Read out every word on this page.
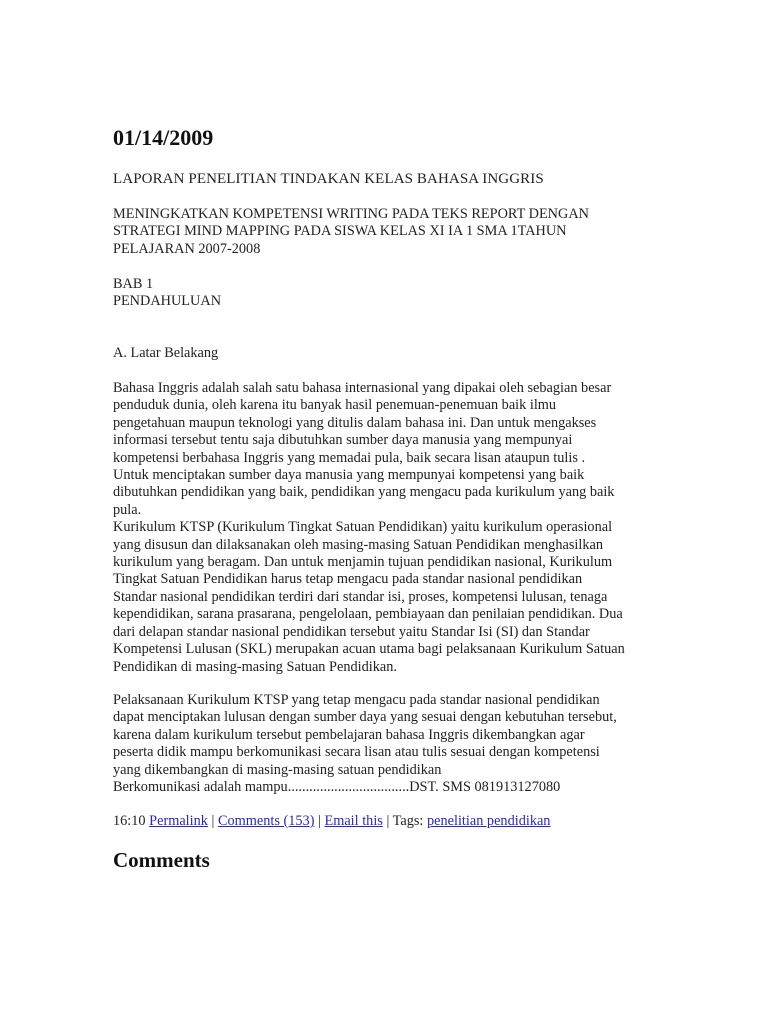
01/14/2009
LAPORAN PENELITIAN TINDAKAN KELAS BAHASA INGGRIS
MENINGKATKAN KOMPETENSI WRITING PADA TEKS REPORT DENGAN
STRATEGI MIND MAPPING PADA SISWA KELAS XI IA 1 SMA 1TAHUN
PELAJARAN 2007-2008
BAB 1
PENDAHULUAN
A. Latar Belakang
Bahasa Inggris adalah salah satu bahasa internasional yang dipakai oleh sebagian besar
penduduk dunia, oleh karena itu banyak hasil penemuan-penemuan baik ilmu
pengetahuan maupun teknologi yang ditulis dalam bahasa ini. Dan untuk mengakses
informasi tersebut tentu saja dibutuhkan sumber daya manusia yang mempunyai
kompetensi berbahasa Inggris yang memadai pula, baik secara lisan ataupun tulis .
Untuk menciptakan sumber daya manusia yang mempunyai kompetensi yang baik
dibutuhkan pendidikan yang baik, pendidikan yang mengacu pada kurikulum yang baik
pula.
Kurikulum KTSP (Kurikulum Tingkat Satuan Pendidikan) yaitu kurikulum operasional
yang disusun dan dilaksanakan oleh masing-masing Satuan Pendidikan menghasilkan
kurikulum yang beragam. Dan untuk menjamin tujuan pendidikan nasional, Kurikulum
Tingkat Satuan Pendidikan harus tetap mengacu pada standar nasional pendidikan
Standar nasional pendidikan terdiri dari standar isi, proses, kompetensi lulusan, tenaga
kependidikan, sarana prasarana, pengelolaan, pembiayaan dan penilaian pendidikan. Dua
dari delapan standar nasional pendidikan tersebut yaitu Standar Isi (SI) dan Standar
Kompetensi Lulusan (SKL) merupakan acuan utama bagi pelaksanaan Kurikulum Satuan
Pendidikan di masing-masing Satuan Pendidikan.
Pelaksanaan Kurikulum KTSP yang tetap mengacu pada standar nasional pendidikan
dapat menciptakan lulusan dengan sumber daya yang sesuai dengan kebutuhan tersebut,
karena dalam kurikulum tersebut pembelajaran bahasa Inggris dikembangkan agar
peserta didik mampu berkomunikasi secara lisan atau tulis sesuai dengan kompetensi
yang dikembangkan di masing-masing satuan pendidikan
Berkomunikasi adalah mampu..................................DST. SMS 081913127080
16:10 Permalink | Comments (153) | Email this | Tags: penelitian pendidikan
Comments
